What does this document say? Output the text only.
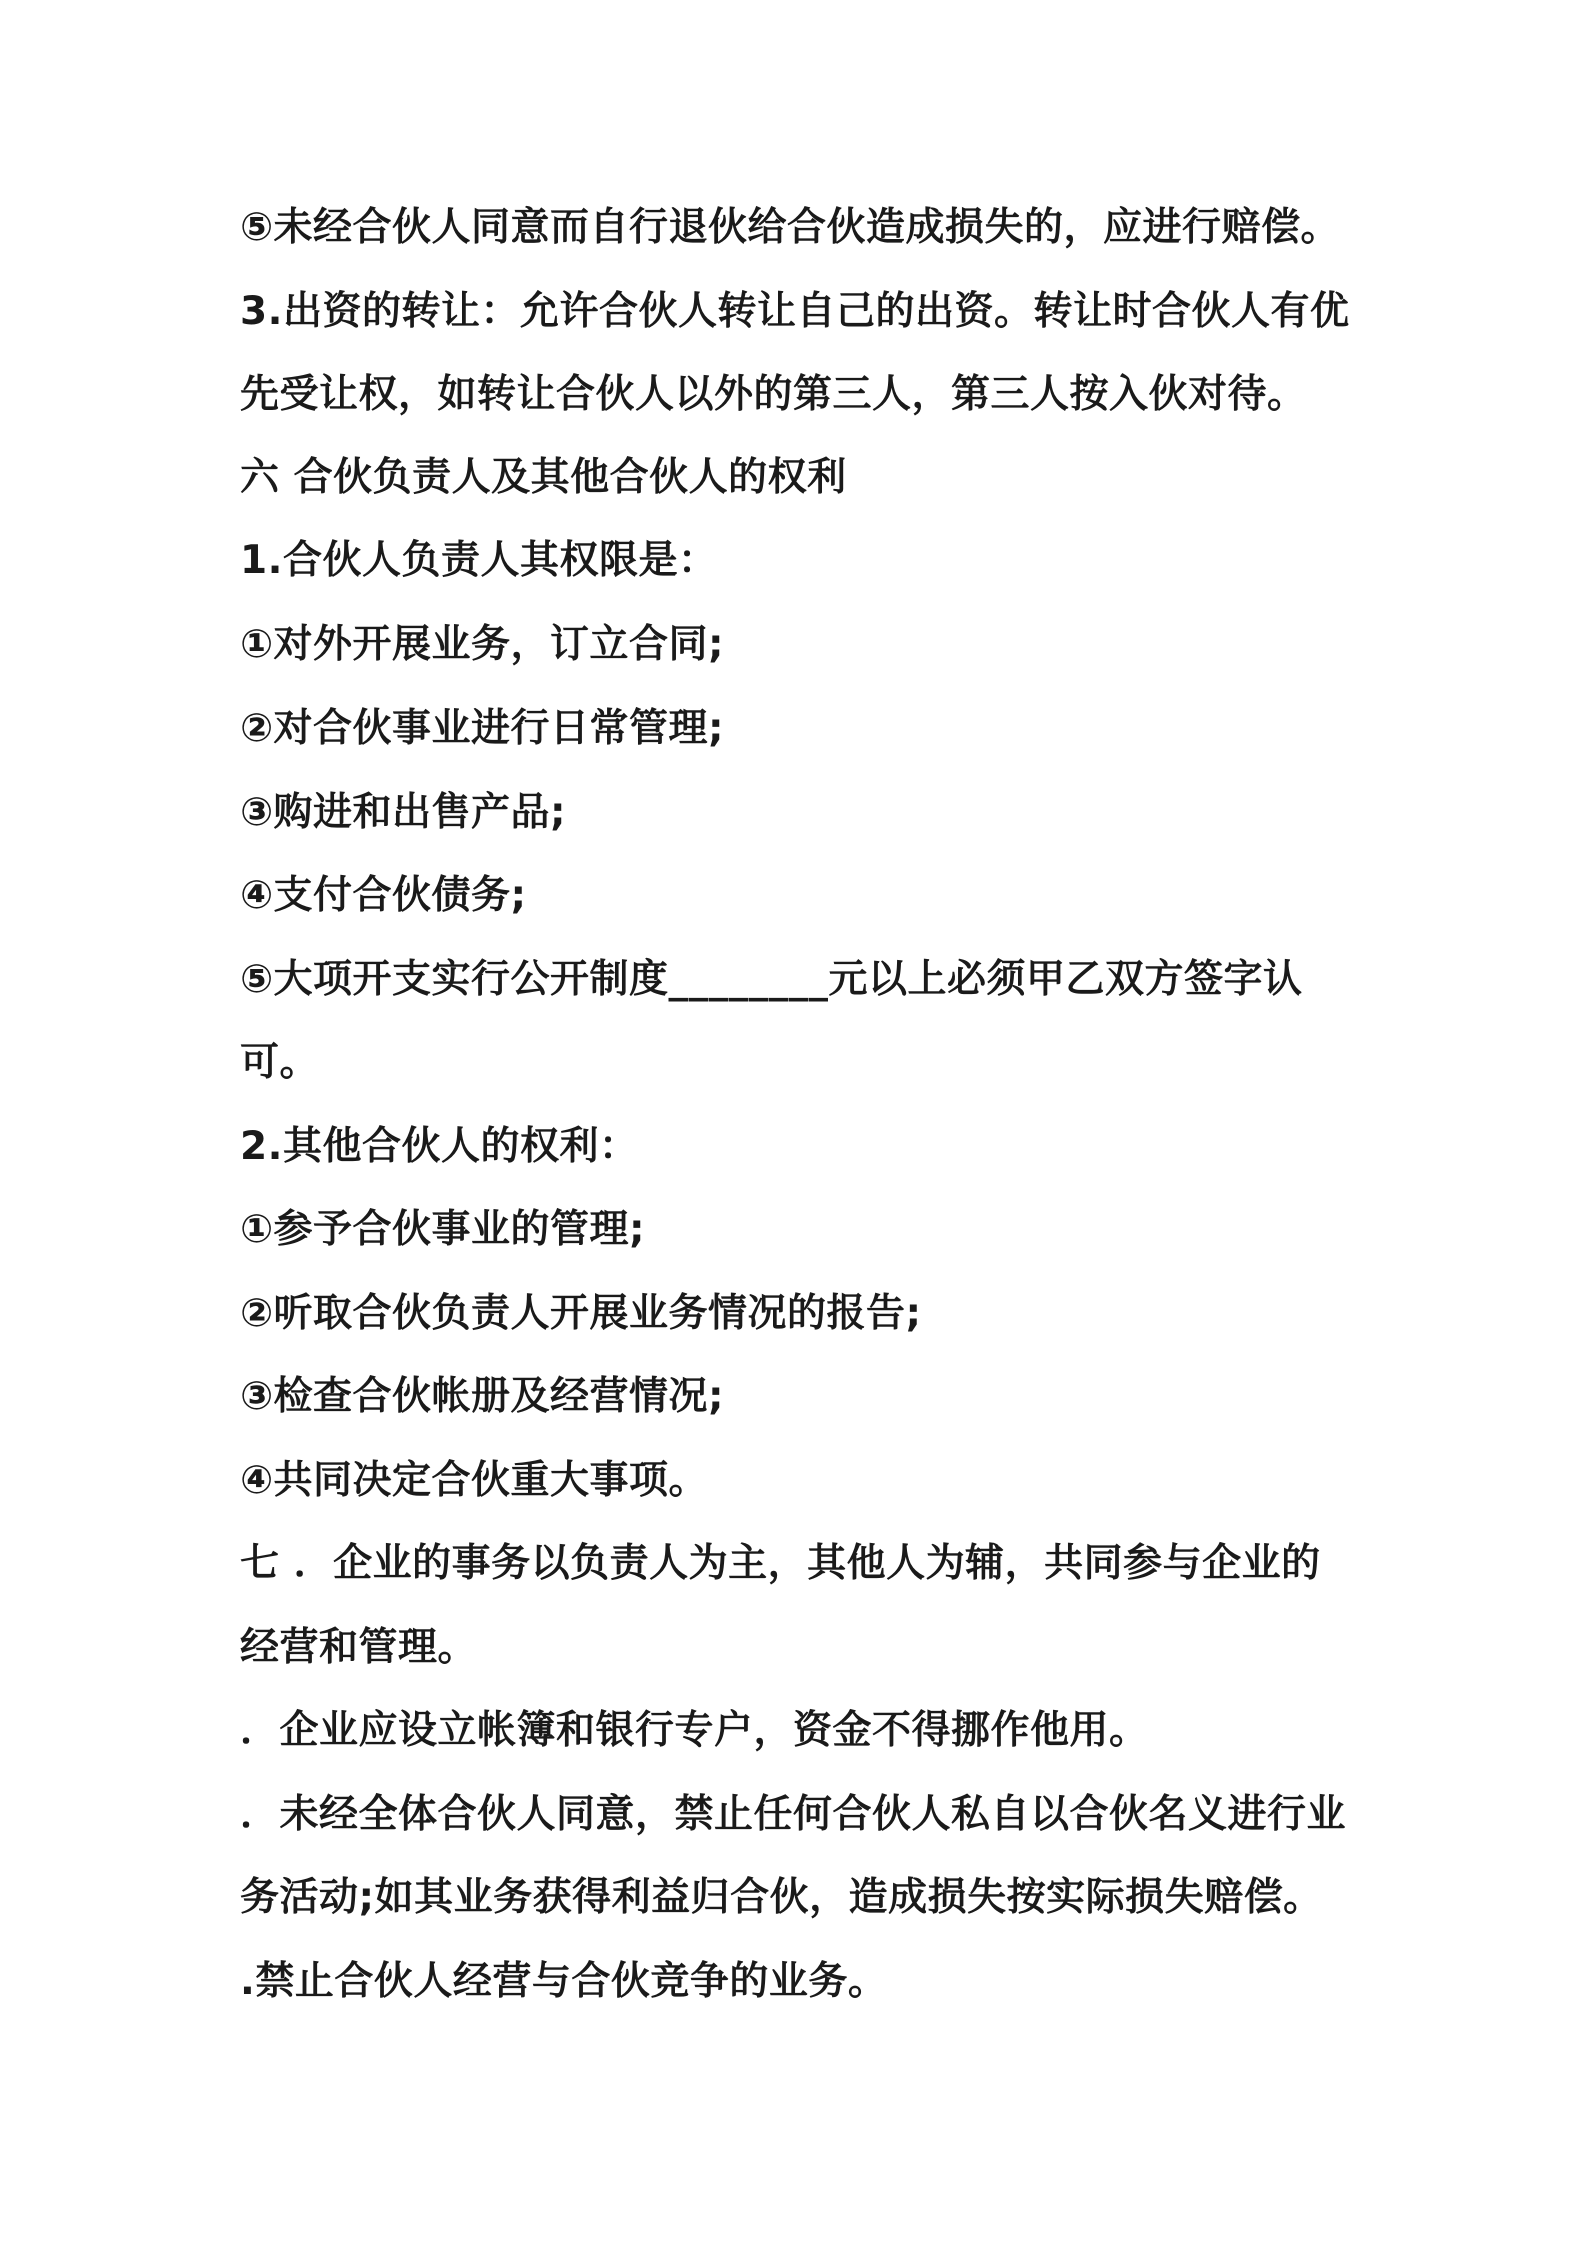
⑤未经合伙人同意而自行退伙给合伙造成损失的，应进行赔偿。
3.出资的转让：允许合伙人转让自己的出资。转让时合伙人有优
先受让权，如转让合伙人以外的第三人，第三人按入伙对待。
六 合伙负责人及其他合伙人的权利
1.合伙人负责人其权限是：
①对外开展业务，订立合同;
②对合伙事业进行日常管理;
③购进和出售产品;
④支付合伙债务;
⑤大项开支实行公开制度________元以上必须甲乙双方签字认
可。
2.其他合伙人的权利：
①参予合伙事业的管理;
②听取合伙负责人开展业务情况的报告;
③检查合伙帐册及经营情况;
④共同决定合伙重大事项。
七 ．企业的事务以负责人为主，其他人为辅，共同参与企业的
经营和管理。
．企业应设立帐簿和银行专户，资金不得挪作他用。
．未经全体合伙人同意，禁止任何合伙人私自以合伙名义进行业
务活动;如其业务获得利益归合伙，造成损失按实际损失赔偿。
.禁止合伙人经营与合伙竞争的业务。
